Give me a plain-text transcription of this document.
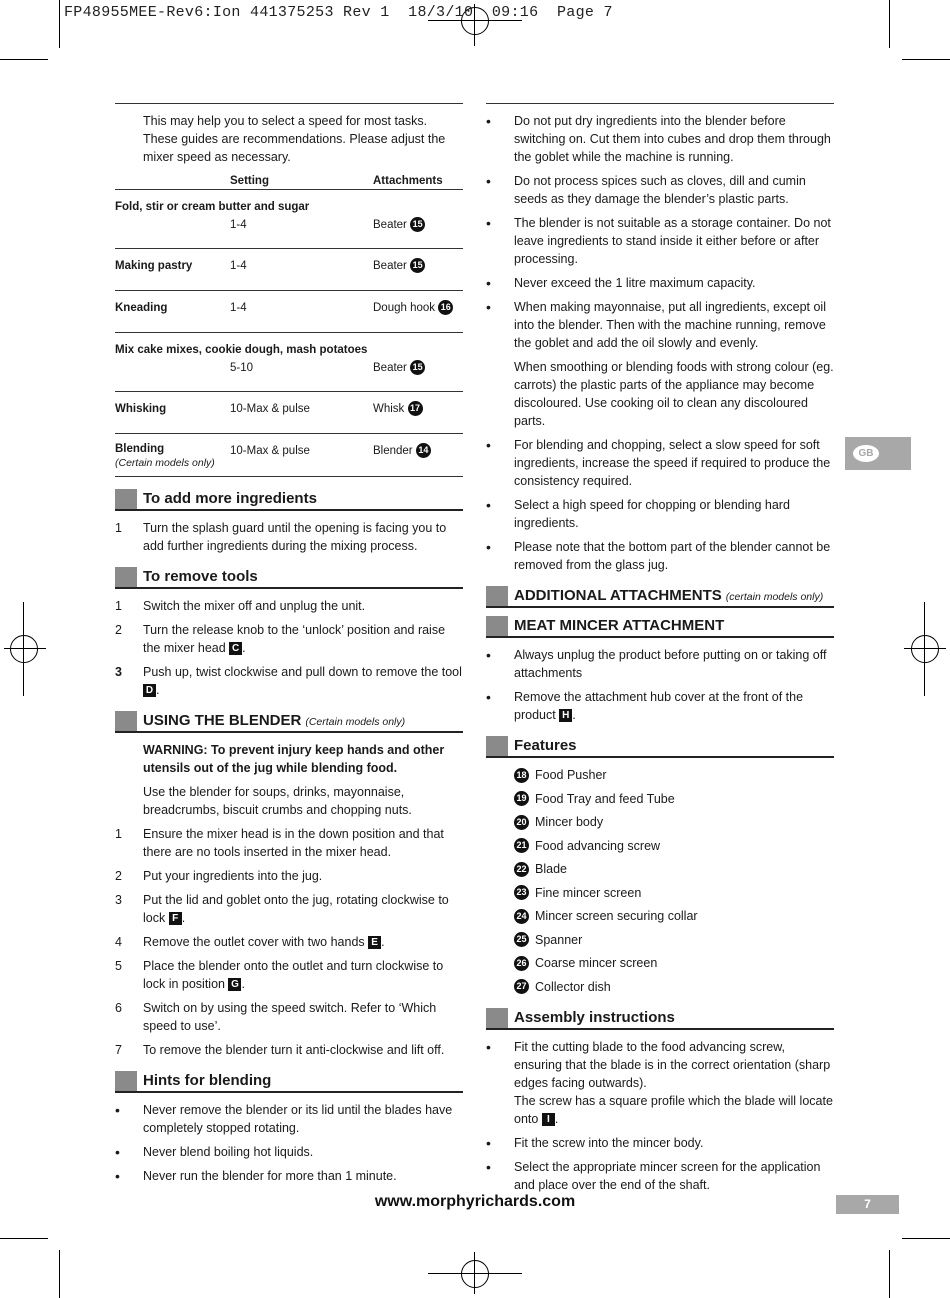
FP48955MEE-Rev6:Ion 441375253 Rev 1  18/3/10  09:16  Page 7

This may help you to select a speed for most tasks. These guides are recommendations. Please adjust the mixer speed as necessary.

Setting	Attachments
Fold, stir or cream butter and sugar
1-4	Beater 15
Making pastry	1-4	Beater 15
Kneading	1-4	Dough hook 16
Mix cake mixes, cookie dough, mash potatoes
5-10	Beater 15
Whisking	10-Max & pulse	Whisk 17
Blending
(Certain models only)
10-Max & pulse	Blender 14
To add more ingredients
1	Turn the splash guard until the opening is facing you to add further ingredients during the mixing process.
To remove tools
1	Switch the mixer off and unplug the unit.
2	Turn the release knob to the ‘unlock’ position and raise the mixer head C .
3	Push up, twist clockwise and pull down to remove the tool D .
USING THE BLENDER (Certain models only)

WARNING: To prevent injury keep hands and other utensils out of the jug while blending food.

Use the blender for soups, drinks, mayonnaise, breadcrumbs, biscuit crumbs and chopping nuts.

1	Ensure the mixer head is in the down position and that there are no tools inserted in the mixer head.
2	Put your ingredients into the jug.
3	Put the lid and goblet onto the jug, rotating clockwise to lock F .
4	Remove the outlet cover with two hands E .
5	Place the blender onto the outlet and turn clockwise to lock in position G .
6	Switch on by using the speed switch. Refer to ‘Which speed to use’.
7	To remove the blender turn it anti-clockwise and lift off.
Hints for blending
•	Never remove the blender or its lid until the blades have completely stopped rotating.
•	Never blend boiling hot liquids.
•	Never run the blender for more than 1 minute.
•	Do not put dry ingredients into the blender before switching on. Cut them into cubes and drop them through the goblet while the machine is running.
•	Do not process spices such as cloves, dill and cumin seeds as they damage the blender’s plastic parts.
•	The blender is not suitable as a storage container. Do not leave ingredients to stand inside it either before or after processing.
•	Never exceed the 1 litre maximum capacity.
•	When making mayonnaise, put all ingredients, except oil into the blender. Then with the machine running, remove the goblet and add the oil slowly and evenly.

When smoothing or blending foods with strong colour (eg. carrots) the plastic parts of the appliance may become discoloured. Use cooking oil to clean any discoloured parts.

•	For blending and chopping, select a slow speed for soft ingredients, increase the speed if required to produce the consistency required.
•	Select a high speed for chopping or blending hard ingredients.
•	Please note that the bottom part of the blender cannot be removed from the glass jug.
ADDITIONAL ATTACHMENTS (certain models only)
MEAT MINCER ATTACHMENT
•	Always unplug the product before putting on or taking off attachments
•	Remove the attachment hub cover at the front of the product H .
Features
18 Food Pusher
19 Food Tray and feed Tube
20 Mincer body
21 Food advancing screw
22 Blade
23 Fine mincer screen
24 Mincer screen securing collar
25 Spanner
26 Coarse mincer screen
27 Collector dish
Assembly instructions
•	Fit the cutting blade to the food advancing screw, ensuring that the blade is in the correct orientation (sharp edges facing outwards).
The screw has a square profile which the blade will locate onto I .
•	Fit the screw into the mincer body.
•	Select the appropriate mincer screen for the application and place over the end of the shaft.
GB
www.morphyrichards.com	7
